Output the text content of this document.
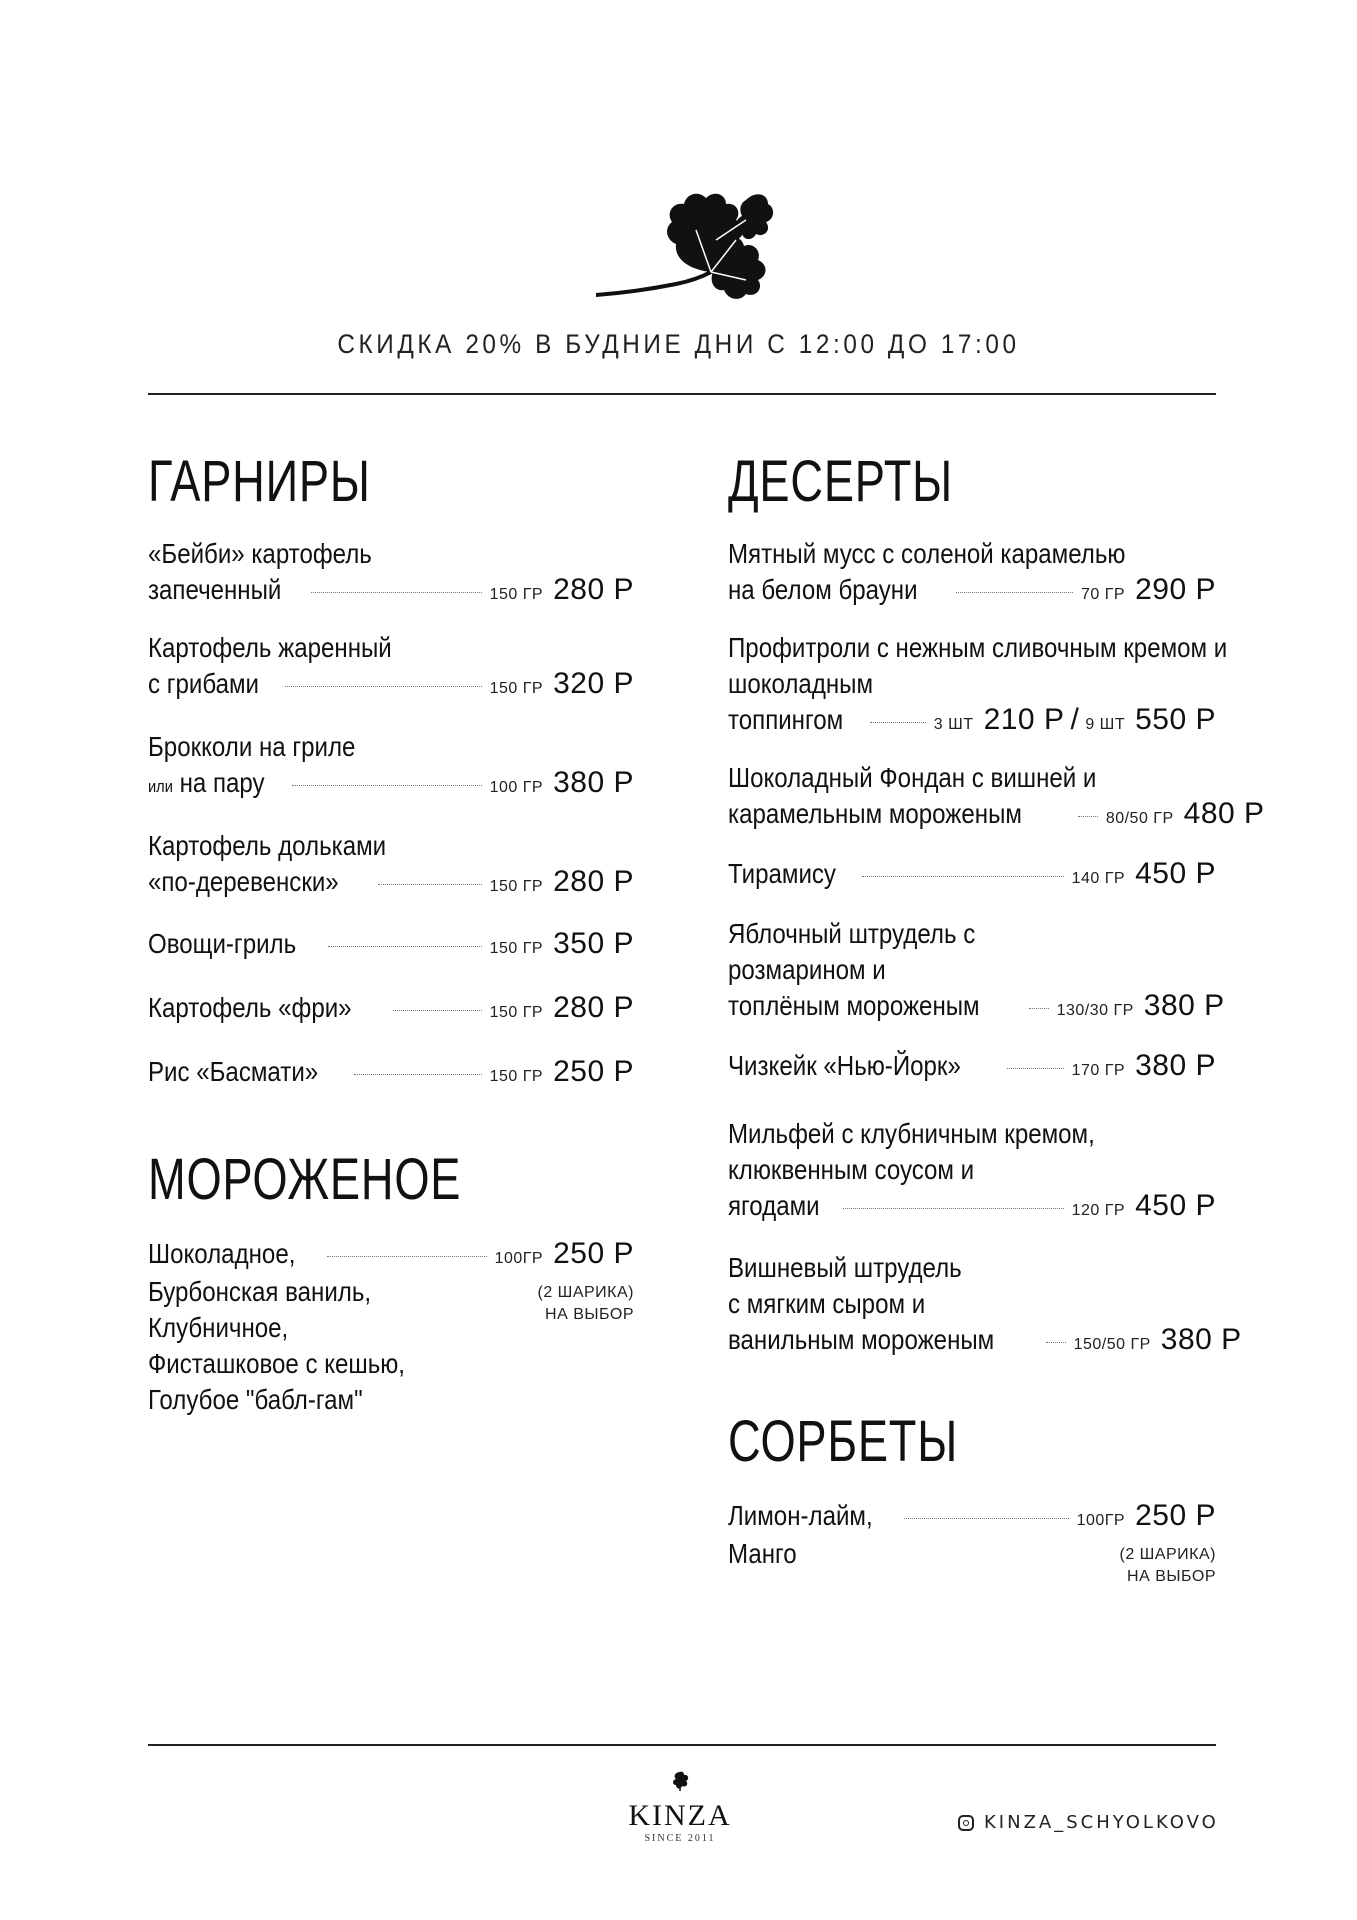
СКИДКА 20% В БУДНИЕ ДНИ С 12:00 ДО 17:00
ГАРНИРЫ
«Бейби» картофель
запеченный	150 ГР 280 Р
Картофель жаренный
с грибами	150 ГР 320 Р
Брокколи на гриле
или на пару	100 ГР 380 Р
Картофель дольками
«по-деревенски»	150 ГР 280 Р
Овощи-гриль	150 ГР 350 Р
Картофель «фри»	150 ГР 280 Р
Рис «Басмати»	150 ГР 250 Р
МОРОЖЕНОЕ
Шоколадное,	100ГР 250 Р
Бурбонская ваниль,
Клубничное,
Фисташковое с кешью,
Голубое "бабл-гам"
(2 ШАРИКА)
НА ВЫБОР
ДЕСЕРТЫ
Мятный мусс с соленой карамелью
на белом брауни	70 ГР 290 Р
Профитроли с нежным сливочным кремом и
шоколадным
топпингом	3 ШТ 210 Р / 9 ШТ 550 Р
Шоколадный Фондан с вишней и
карамельным мороженым	80/50 ГР 480 Р
Тирамису	140 ГР 450 Р
Яблочный штрудель с
розмарином и
топлёным мороженым	130/30 ГР 380 Р
Чизкейк «Нью-Йорк»	170 ГР 380 Р
Мильфей с клубничным кремом,
клюквенным соусом и
ягодами	120 ГР 450 Р
Вишневый штрудель
с мягким сыром и
ванильным мороженым	150/50 ГР 380 Р
СОРБЕТЫ
Лимон-лайм,	100ГР 250 Р
Манго	(2 ШАРИКА)
НА ВЫБОР
KINZA
SINCE 2011
KINZA_SCHYOLKOVO
